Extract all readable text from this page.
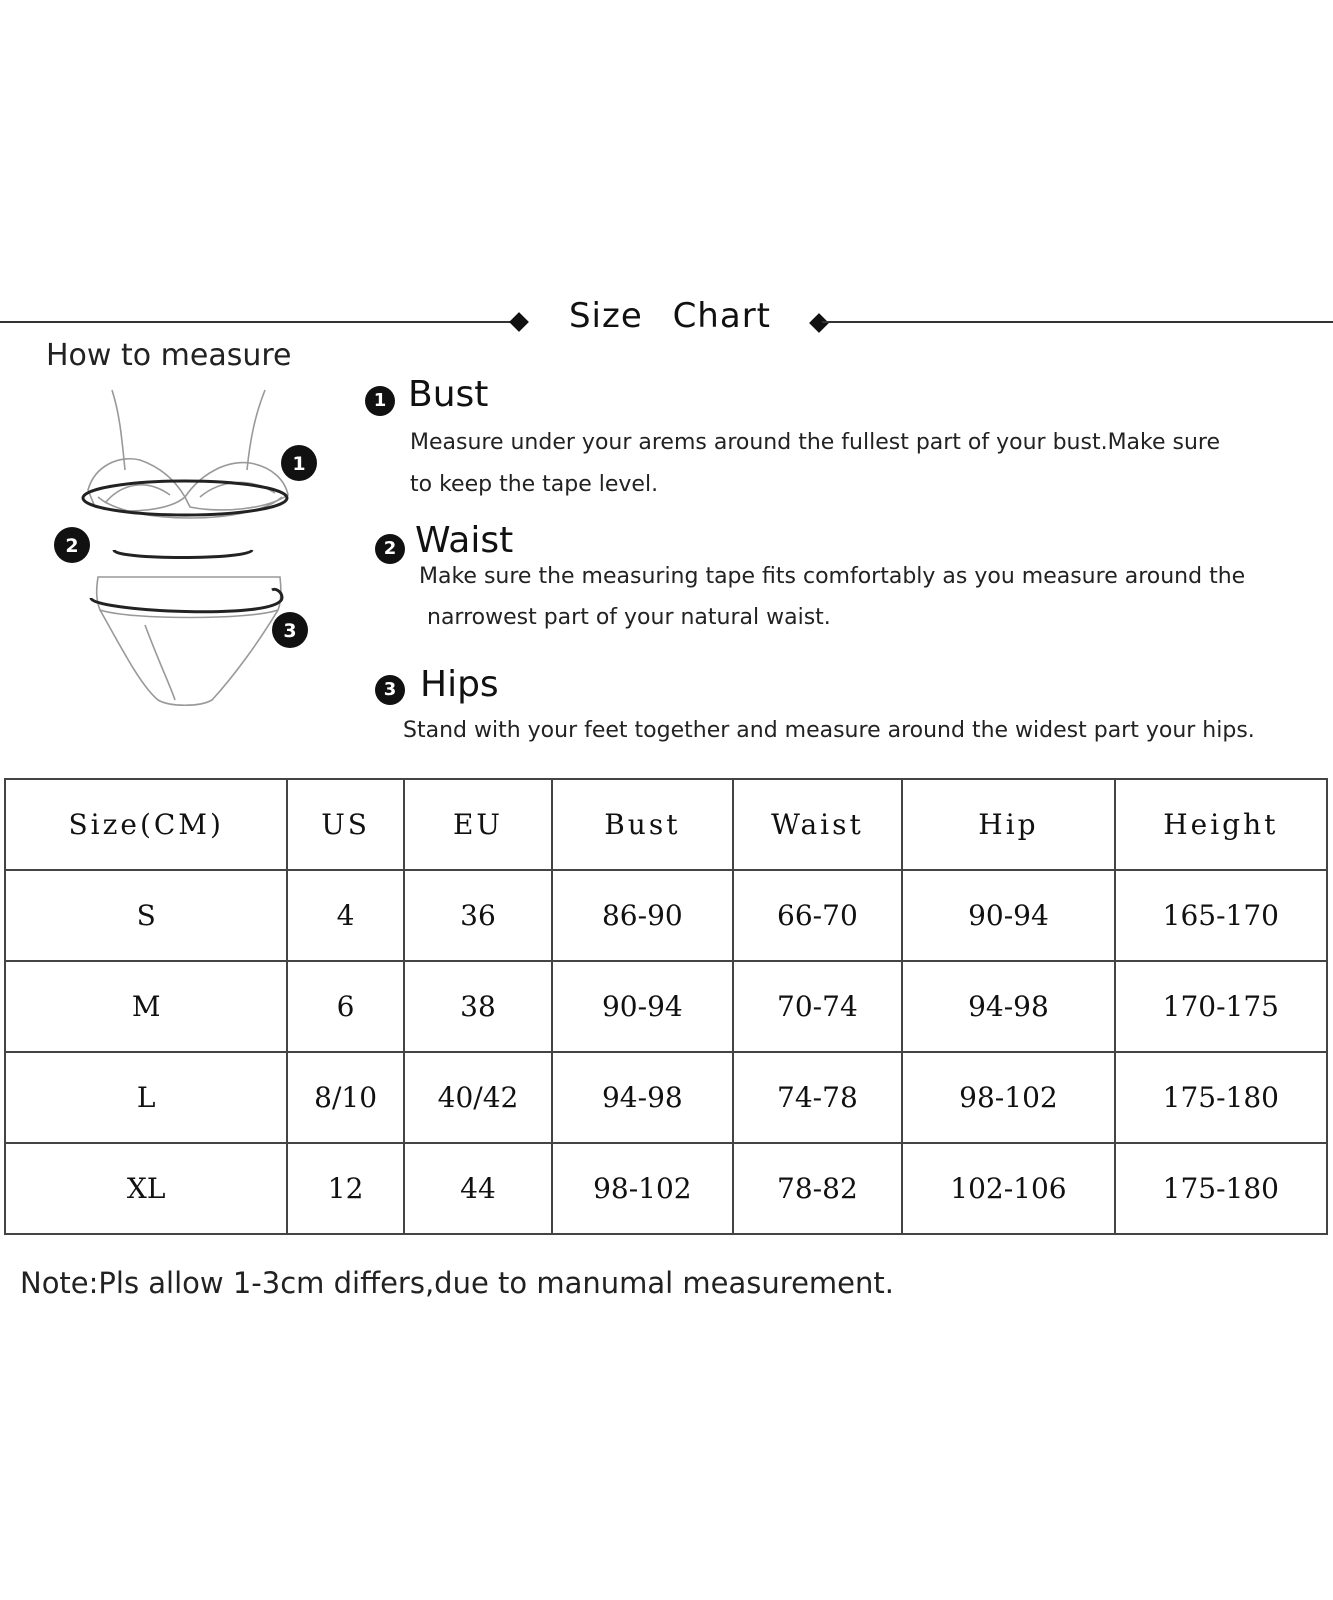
Size Chart
How to measure
1
2
3
1 Bust
Measure under your arems around the fullest part of your bust.Make sure
to keep the tape level.
2 Waist
Make sure the measuring tape fits comfortably as you measure around the
narrowest part of your natural waist.
3 Hips
Stand with your feet together and measure around the widest part your hips.
Size(CM)	US	EU	Bust	Waist	Hip	Height
S	4	36	86-90	66-70	90-94	165-170
M	6	38	90-94	70-74	94-98	170-175
L	8/10	40/42	94-98	74-78	98-102	175-180
XL	12	44	98-102	78-82	102-106	175-180
Note:Pls allow 1-3cm differs,due to manumal measurement.
